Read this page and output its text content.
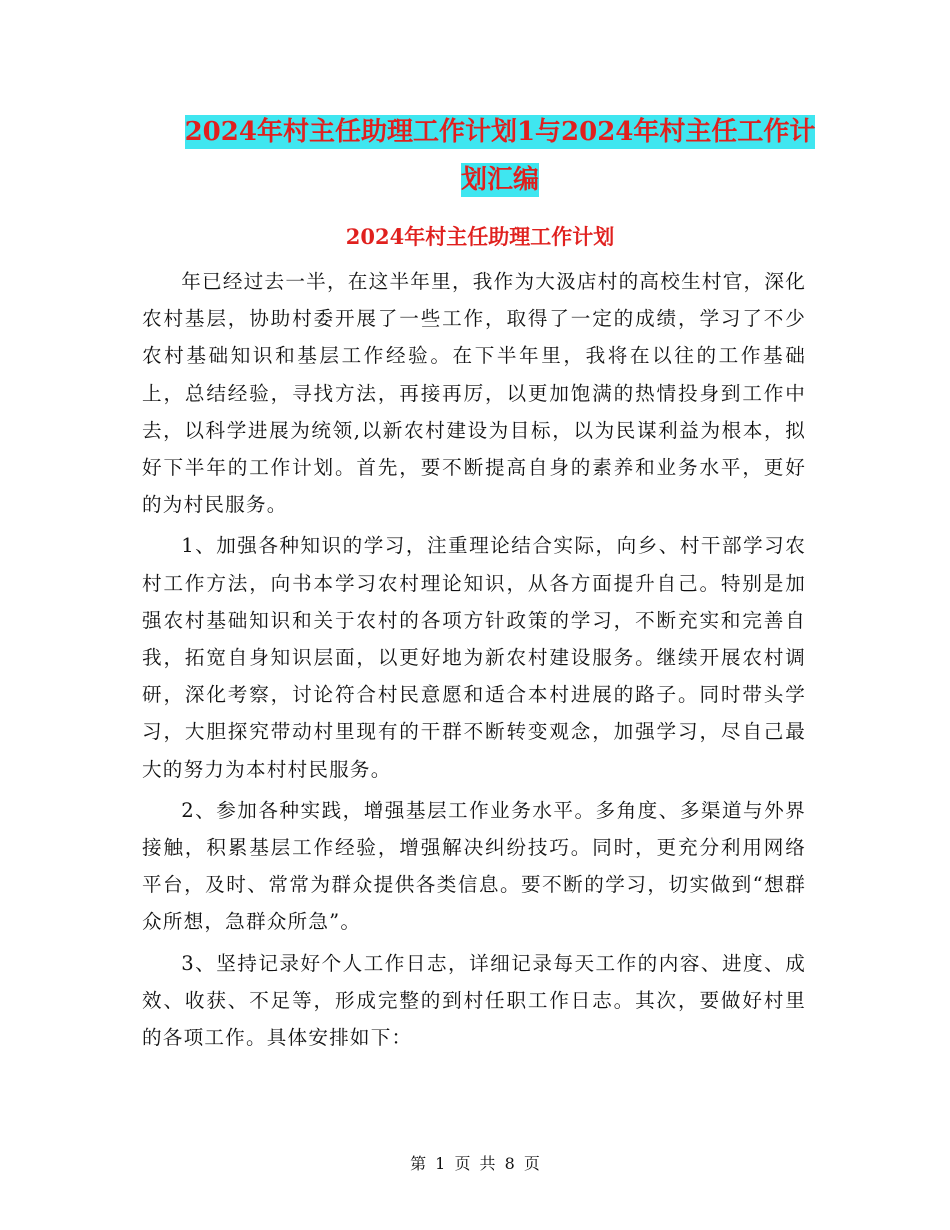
2024年村主任助理工作计划1与2024年村主任工作计
划汇编
2024年村主任助理工作计划

年已经过去一半，在这半年里，我作为大汲店村的高校生村官，深化农村基层，协助村委开展了一些工作，取得了一定的成绩，学习了不少农村基础知识和基层工作经验。在下半年里，我将在以往的工作基础上，总结经验，寻找方法，再接再厉，以更加饱满的热情投身到工作中去，以科学进展为统领,以新农村建设为目标，以为民谋利益为根本，拟好下半年的工作计划。首先，要不断提高自身的素养和业务水平，更好的为村民服务。

1、加强各种知识的学习，注重理论结合实际，向乡、村干部学习农村工作方法，向书本学习农村理论知识，从各方面提升自己。特别是加强农村基础知识和关于农村的各项方针政策的学习，不断充实和完善自我，拓宽自身知识层面，以更好地为新农村建设服务。继续开展农村调研，深化考察，讨论符合村民意愿和适合本村进展的路子。同时带头学习，大胆探究带动村里现有的干群不断转变观念，加强学习，尽自己最大的努力为本村村民服务。

2、参加各种实践，增强基层工作业务水平。多角度、多渠道与外界接触，积累基层工作经验，增强解决纠纷技巧。同时，更充分利用网络平台，及时、常常为群众提供各类信息。要不断的学习，切实做到“想群众所想，急群众所急”。

3、坚持记录好个人工作日志，详细记录每天工作的内容、进度、成效、收获、不足等，形成完整的到村任职工作日志。其次，要做好村里的各项工作。具体安排如下：

第 1 页 共 8 页
